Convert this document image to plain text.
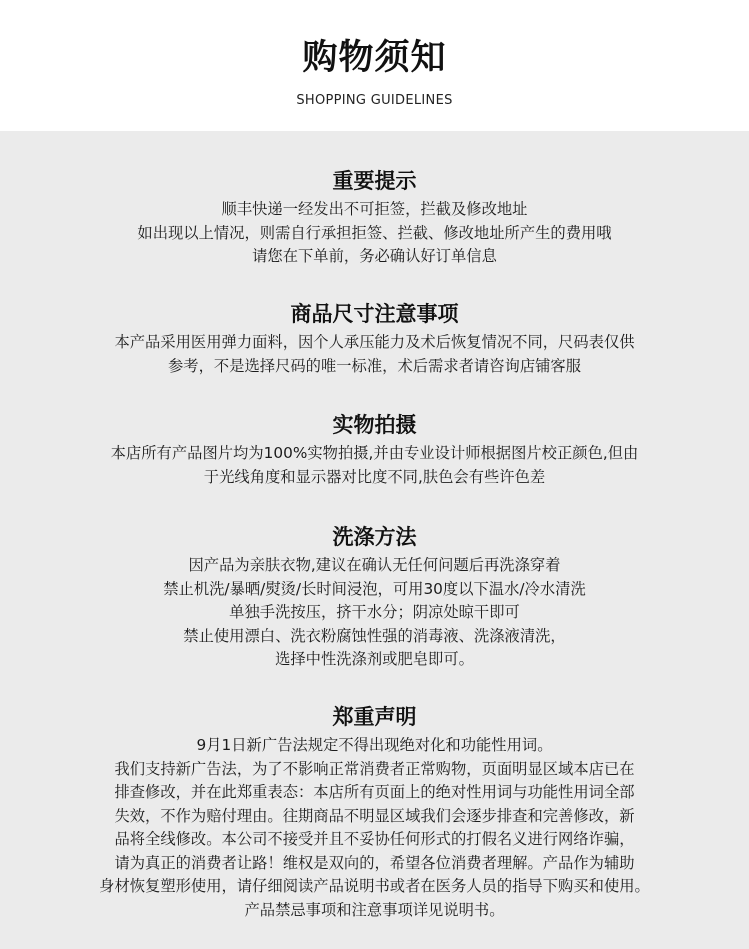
购物须知
SHOPPING GUIDELINES
重要提示
顺丰快递一经发出不可拒签，拦截及修改地址
如出现以上情况，则需自行承担拒签、拦截、修改地址所产生的费用哦
请您在下单前，务必确认好订单信息
商品尺寸注意事项
本产品采用医用弹力面料，因个人承压能力及术后恢复情况不同，尺码表仅供
参考，不是选择尺码的唯一标准，术后需求者请咨询店铺客服
实物拍摄
本店所有产品图片均为100%实物拍摄,并由专业设计师根据图片校正颜色,但由
于光线角度和显示器对比度不同,肤色会有些许色差
洗涤方法
因产品为亲肤衣物,建议在确认无任何问题后再洗涤穿着
禁止机洗/暴晒/熨烫/长时间浸泡，可用30度以下温水/冷水清洗
单独手洗按压，挤干水分；阴凉处晾干即可
禁止使用漂白、洗衣粉腐蚀性强的消毒液、洗涤液清洗，
选择中性洗涤剂或肥皂即可。
郑重声明
9月1日新广告法规定不得出现绝对化和功能性用词。
我们支持新广告法，为了不影响正常消费者正常购物，页面明显区域本店已在
排查修改，并在此郑重表态：本店所有页面上的绝对性用词与功能性用词全部
失效，不作为赔付理由。往期商品不明显区域我们会逐步排查和完善修改，新
品将全线修改。本公司不接受并且不妥协任何形式的打假名义进行网络诈骗，
请为真正的消费者让路！维权是双向的，希望各位消费者理解。产品作为辅助
身材恢复塑形使用，请仔细阅读产品说明书或者在医务人员的指导下购买和使用。
产品禁忌事项和注意事项详见说明书。
